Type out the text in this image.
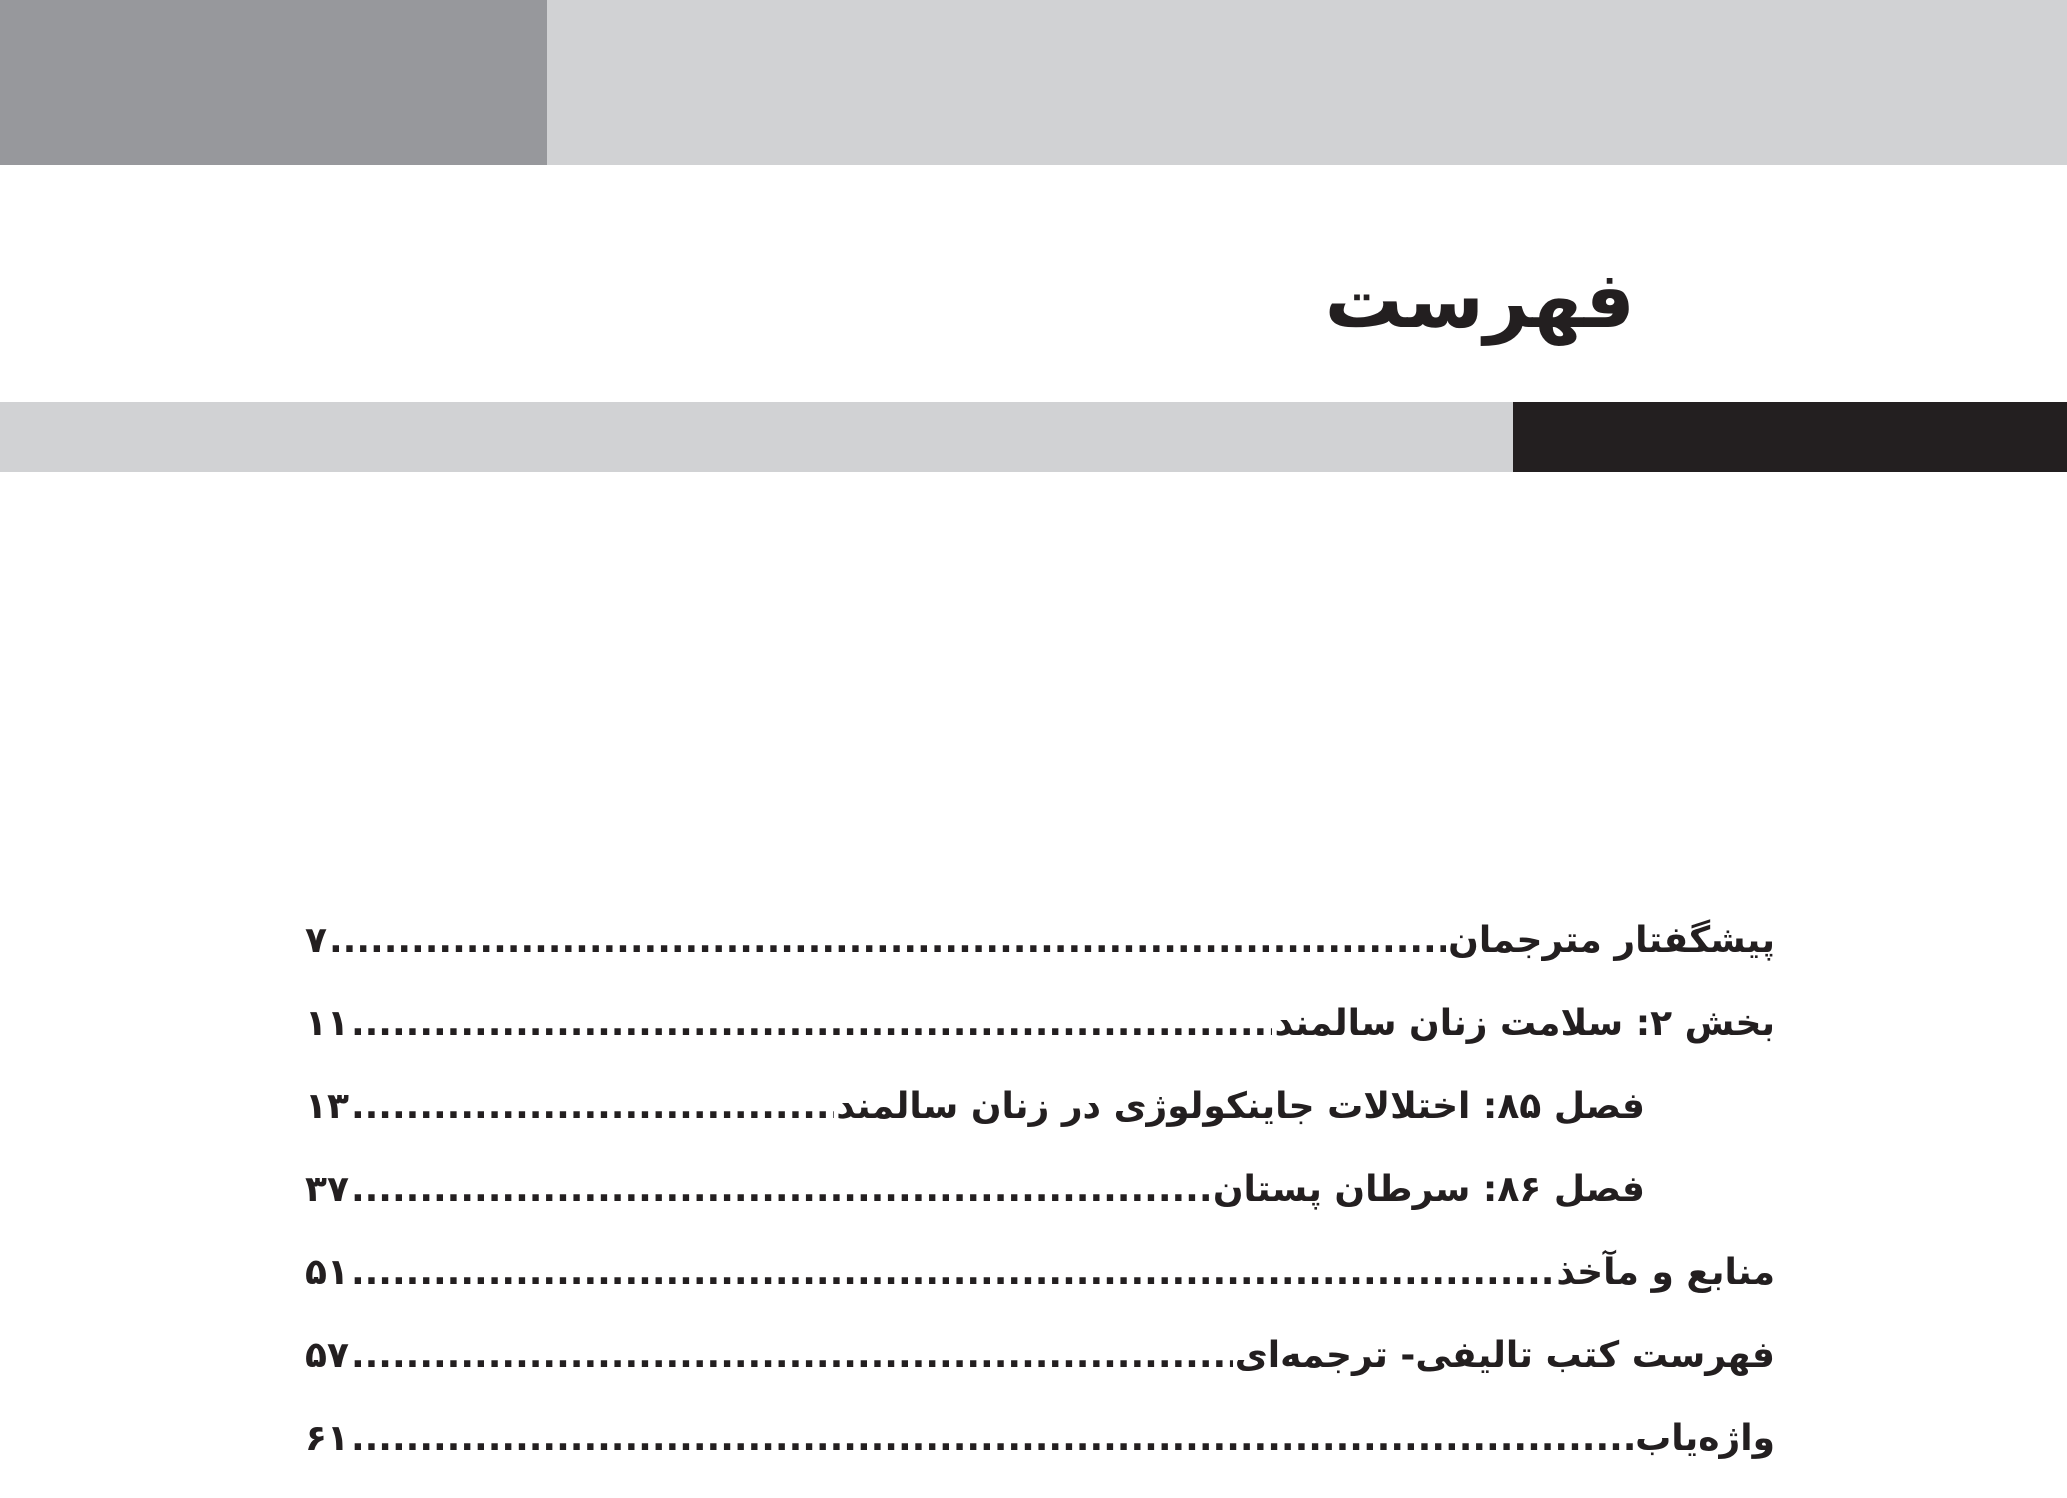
فهرست
پیشگفتار مترجمان
.....
۷
بخش ۲: سلامت زنان سالمند
.....
۱۱
فصل ۸۵: اختلالات جاینکولوژی در زنان سالمند
.....
۱۳
فصل ۸۶: سرطان پستان
.....
۳۷
منابع و مآخذ
.....
۵۱
فهرست کتب تالیفی- ترجمه‌ای
.....
۵۷
واژه‌یاب
.....
۶۱
